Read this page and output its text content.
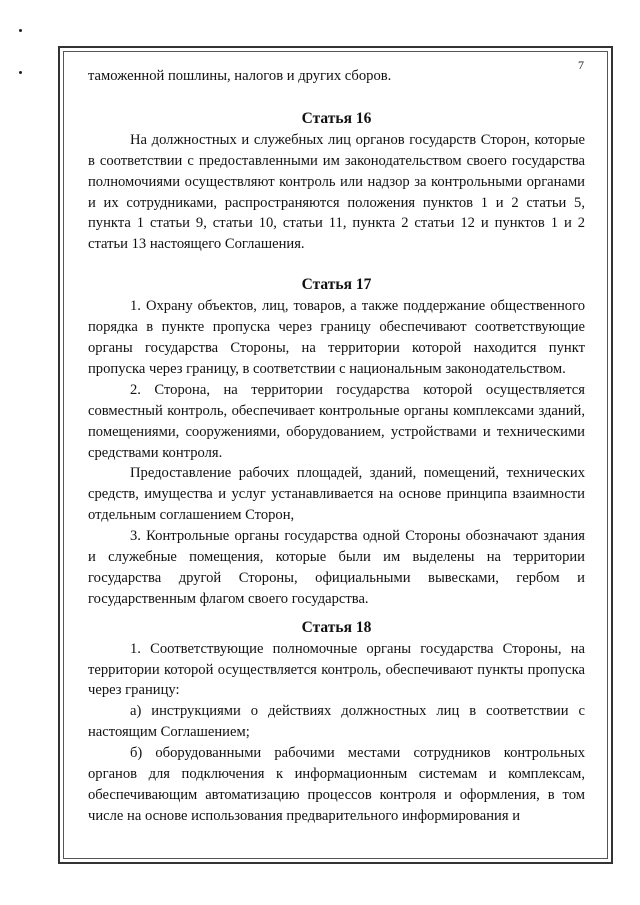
7

таможенной пошлины, налогов и других сборов.

Статья 16

На должностных и служебных лиц органов государств Сторон, которые в соответствии с предоставленными им законодательством своего государства полномочиями осуществляют контроль или надзор за контрольными органами и их сотрудниками, распространяются положения пунктов 1 и 2 статьи 5, пункта 1 статьи 9, статьи 10, статьи 11, пункта 2 статьи 12 и пунктов 1 и 2 статьи 13 настоящего Соглашения.

Статья 17

1. Охрану объектов, лиц, товаров, а также поддержание общественного порядка в пункте пропуска через границу обеспечивают соответствующие органы государства Стороны, на территории которой находится пункт пропуска через границу, в соответствии с национальным законодательством.

2. Сторона, на территории государства которой осуществляется совместный контроль, обеспечивает контрольные органы комплексами зданий, помещениями, сооружениями, оборудованием, устройствами и техническими средствами контроля.

Предоставление рабочих площадей, зданий, помещений, технических средств, имущества и услуг устанавливается на основе принципа взаимности отдельным соглашением Сторон,

3. Контрольные органы государства одной Стороны обозначают здания и служебные помещения, которые были им выделены на территории государства другой Стороны, официальными вывесками, гербом и государственным флагом своего государства.

Статья 18

1. Соответствующие полномочные органы государства Стороны, на территории которой осуществляется контроль, обеспечивают пункты пропуска через границу:

а) инструкциями о действиях должностных лиц в соответствии с настоящим Соглашением;

б) оборудованными рабочими местами сотрудников контрольных органов для подключения к информационным системам и комплексам, обеспечивающим автоматизацию процессов контроля и оформления, в том числе на основе использования предварительного информирования и
